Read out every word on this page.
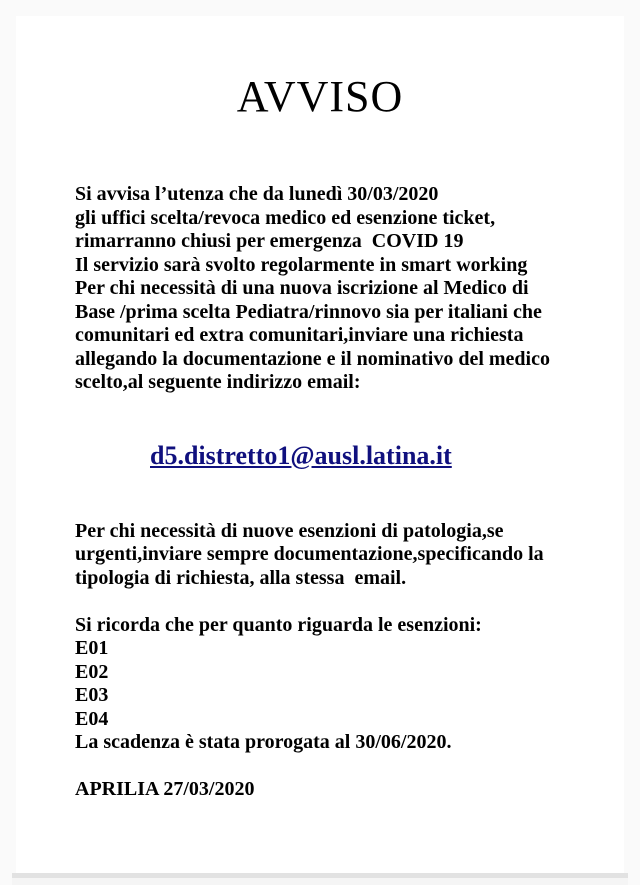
AVVISO
Si avvisa l’utenza che da lunedì 30/03/2020
gli uffici scelta/revoca medico ed esenzione ticket,
rimarranno chiusi per emergenza  COVID 19
Il servizio sarà svolto regolarmente in smart working
Per chi necessità di una nuova iscrizione al Medico di
Base /prima scelta Pediatra/rinnovo sia per italiani che
comunitari ed extra comunitari,inviare una richiesta
allegando la documentazione e il nominativo del medico
scelto,al seguente indirizzo email:
d5.distretto1@ausl.latina.it
Per chi necessità di nuove esenzioni di patologia,se
urgenti,inviare sempre documentazione,specificando la
tipologia di richiesta, alla stessa  email.
Si ricorda che per quanto riguarda le esenzioni:
E01
E02
E03
E04
La scadenza è stata prorogata al 30/06/2020.
APRILIA 27/03/2020
